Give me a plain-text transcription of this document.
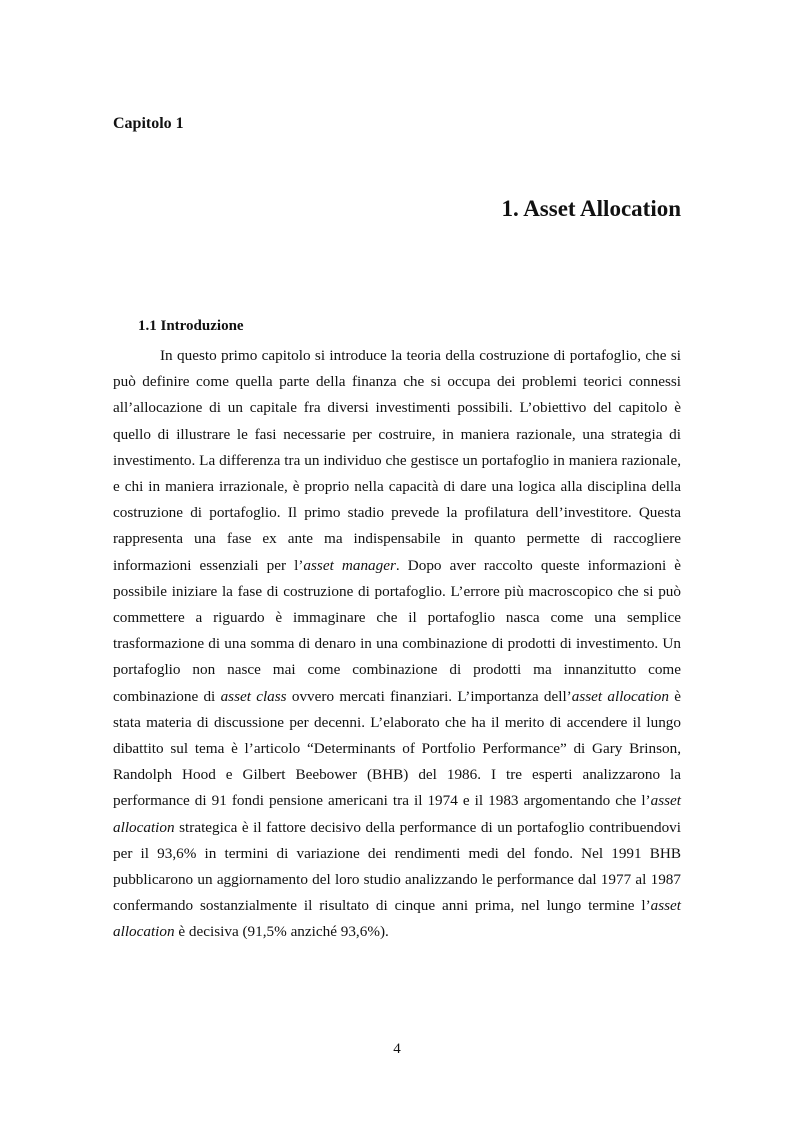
Capitolo 1
1. Asset Allocation
1.1 Introduzione

In questo primo capitolo si introduce la teoria della costruzione di portafoglio, che si può definire come quella parte della finanza che si occupa dei problemi teorici connessi all’allocazione di un capitale fra diversi investimenti possibili. L’obiettivo del capitolo è quello di illustrare le fasi necessarie per costruire, in maniera razionale, una strategia di investimento. La differenza tra un individuo che gestisce un portafoglio in maniera razionale, e chi in maniera irrazionale, è proprio nella capacità di dare una logica alla disciplina della costruzione di portafoglio. Il primo stadio prevede la profilatura dell’investitore. Questa rappresenta una fase ex ante ma indispensabile in quanto permette di raccogliere informazioni essenziali per l’asset manager. Dopo aver raccolto queste informazioni è possibile iniziare la fase di costruzione di portafoglio. L’errore più macroscopico che si può commettere a riguardo è immaginare che il portafoglio nasca come una semplice trasformazione di una somma di denaro in una combinazione di prodotti di investimento. Un portafoglio non nasce mai come combinazione di prodotti ma innanzitutto come combinazione di asset class ovvero mercati finanziari. L’importanza dell’asset allocation è stata materia di discussione per decenni. L’elaborato che ha il merito di accendere il lungo dibattito sul tema è l’articolo “Determinants of Portfolio Performance” di Gary Brinson, Randolph Hood e Gilbert Beebower (BHB) del 1986. I tre esperti analizzarono la performance di 91 fondi pensione americani tra il 1974 e il 1983 argomentando che l’asset allocation strategica è il fattore decisivo della performance di un portafoglio contribuendovi per il 93,6% in termini di variazione dei rendimenti medi del fondo. Nel 1991 BHB pubblicarono un aggiornamento del loro studio analizzando le performance dal 1977 al 1987 confermando sostanzialmente il risultato di cinque anni prima, nel lungo termine l’asset allocation è decisiva (91,5% anziché 93,6%).

4
